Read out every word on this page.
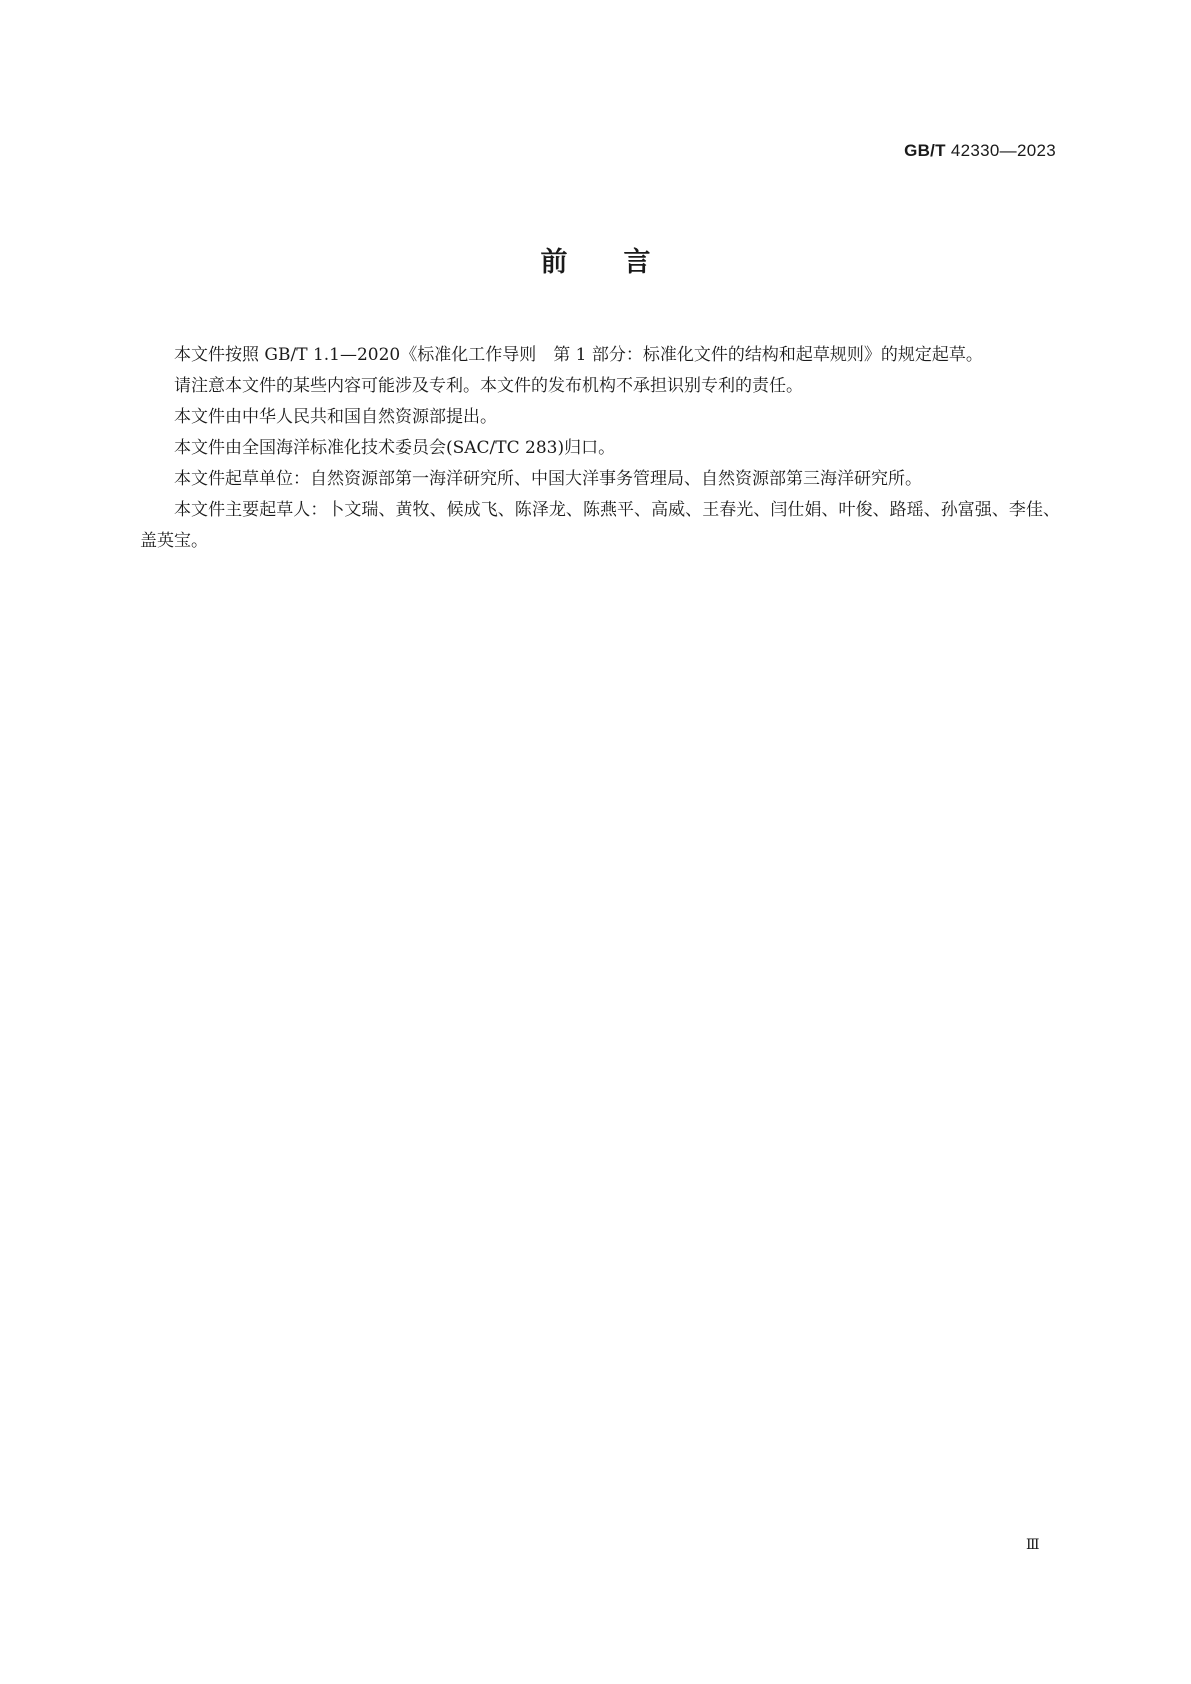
GB/T 42330—2023
前言

本文件按照 GB/T 1.1—2020《标准化工作导则　第 1 部分：标准化文件的结构和起草规则》的规定起草。

请注意本文件的某些内容可能涉及专利。本文件的发布机构不承担识别专利的责任。

本文件由中华人民共和国自然资源部提出。

本文件由全国海洋标准化技术委员会(SAC/TC 283)归口。

本文件起草单位：自然资源部第一海洋研究所、中国大洋事务管理局、自然资源部第三海洋研究所。

本文件主要起草人：卜文瑞、黄牧、候成飞、陈泽龙、陈燕平、高威、王春光、闫仕娟、叶俊、路瑶、孙富强、李佳、盖英宝。

Ⅲ
